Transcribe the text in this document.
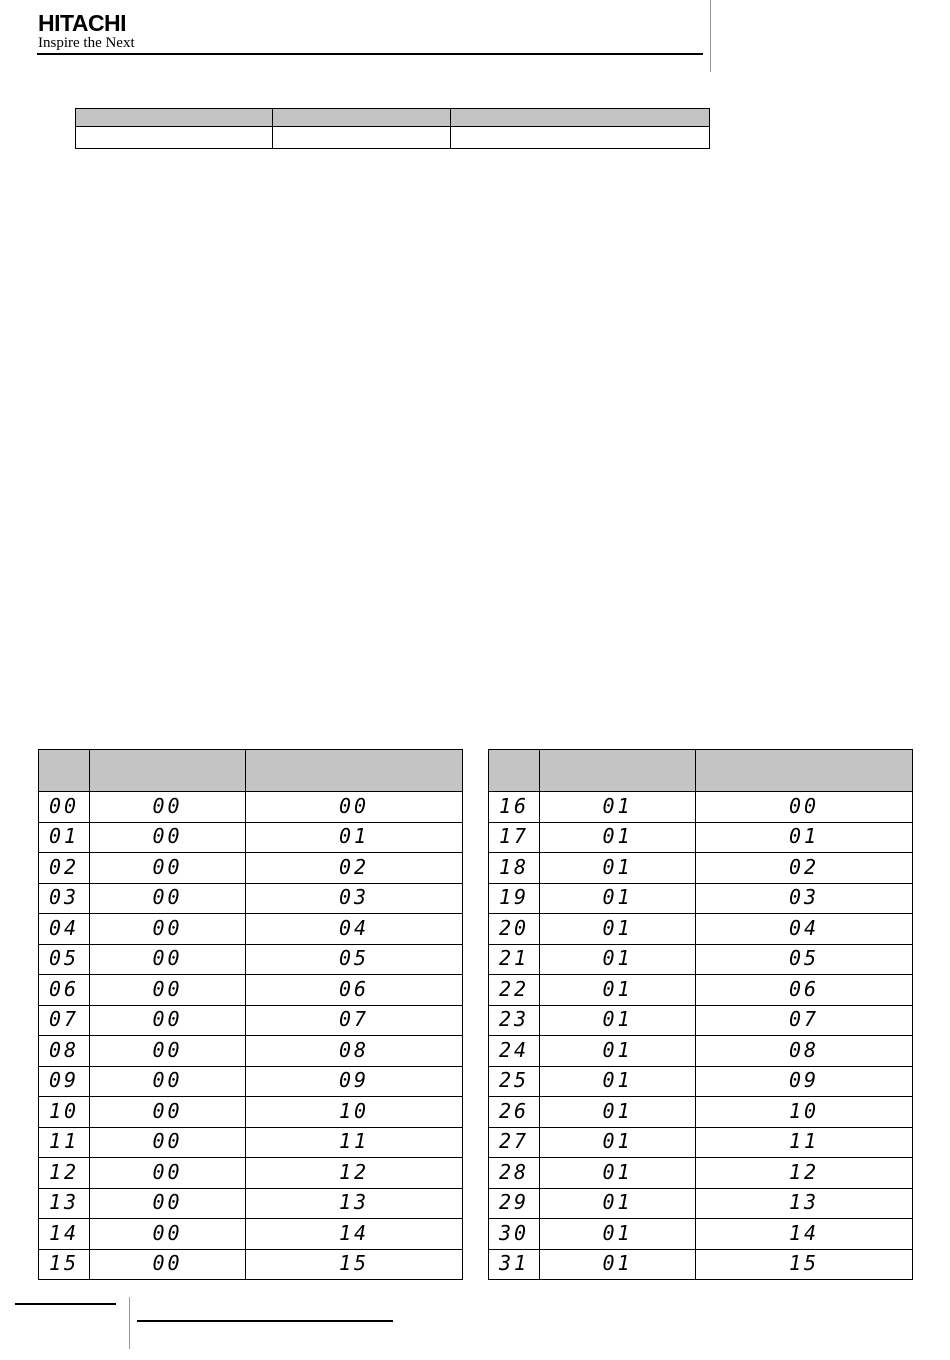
HITACHI
Inspire the Next

00	00	00
01	00	01
02	00	02
03	00	03
04	00	04
05	00	05
06	00	06
07	00	07
08	00	08
09	00	09
10	00	10
11	00	11
12	00	12
13	00	13
14	00	14
15	00	15

16	01	00
17	01	01
18	01	02
19	01	03
20	01	04
21	01	05
22	01	06
23	01	07
24	01	08
25	01	09
26	01	10
27	01	11
28	01	12
29	01	13
30	01	14
31	01	15
